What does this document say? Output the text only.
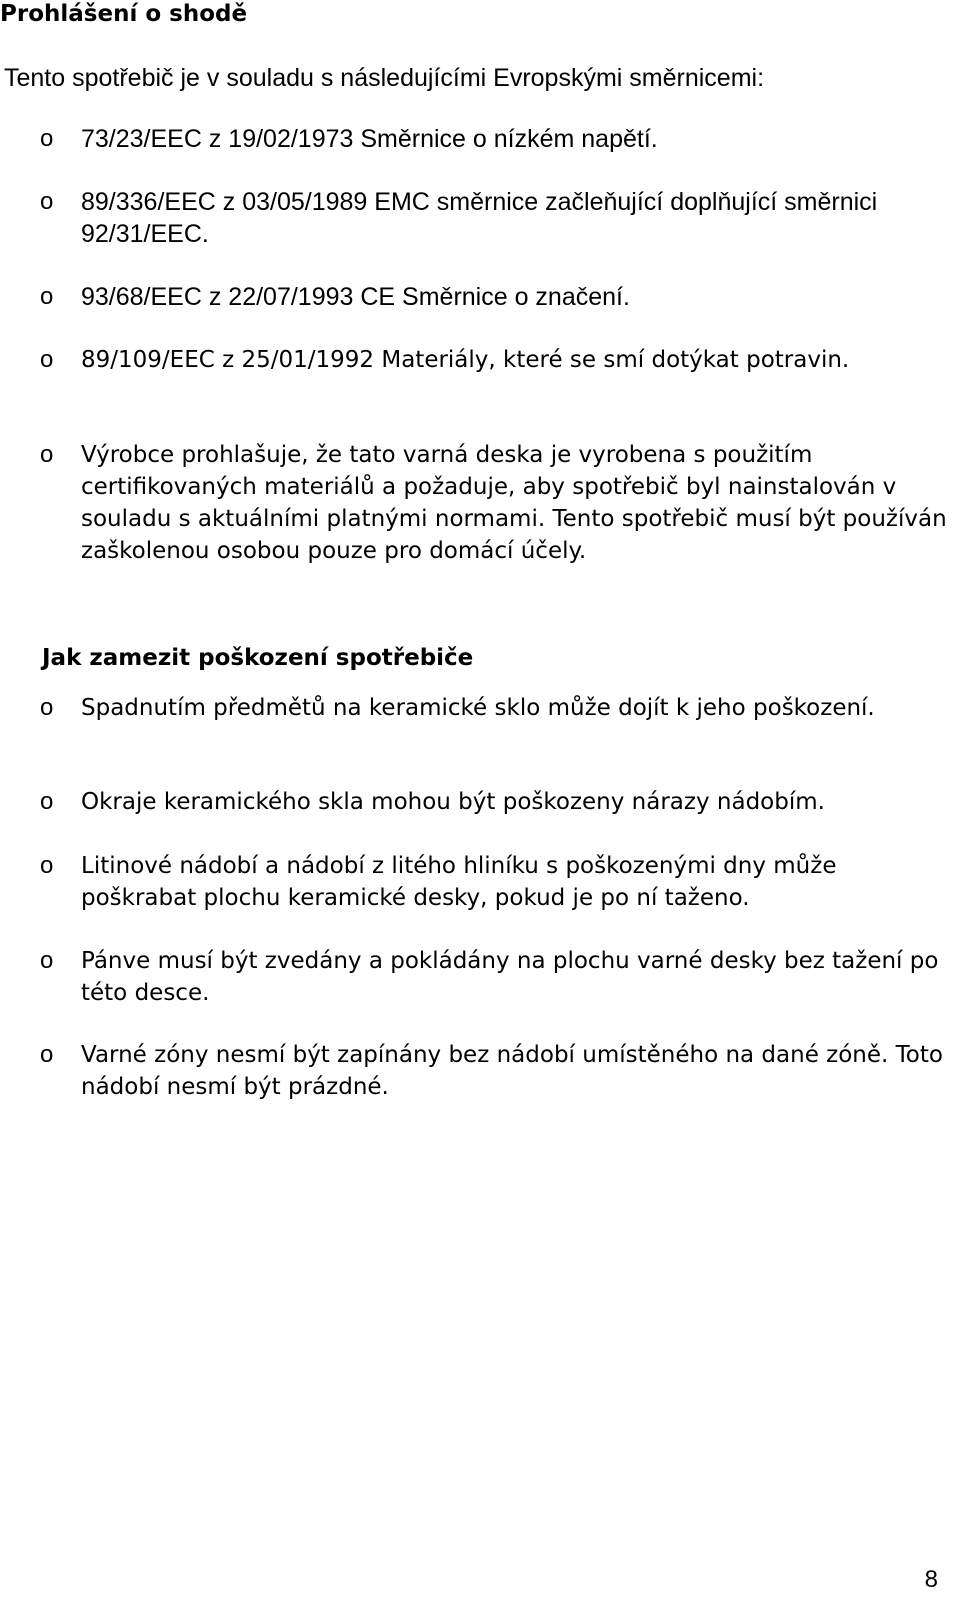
Prohlášení o shodě

Tento spotřebič je v souladu s následujícími Evropskými směrnicemi:

o 73/23/EEC z 19/02/1973 Směrnice o nízkém napětí.

o 89/336/EEC z 03/05/1989 EMC směrnice začleňující doplňující směrnici 92/31/EEC.

o 93/68/EEC z 22/07/1993 CE Směrnice o značení.

o 89/109/EEC z 25/01/1992 Materiály, které se smí dotýkat potravin.

o Výrobce prohlašuje, že tato varná deska je vyrobena s použitím certifikovaných materiálů a požaduje, aby spotřebič byl nainstalován v souladu s aktuálními platnými normami. Tento spotřebič musí být používán zaškolenou osobou pouze pro domácí účely.

Jak zamezit poškození spotřebiče
o Spadnutím předmětů na keramické sklo může dojít k jeho poškození.

o Okraje keramického skla mohou být poškozeny nárazy nádobím.

o Litinové nádobí a nádobí z litého hliníku s poškozenými dny může poškrabat plochu keramické desky, pokud je po ní taženo.

o Pánve musí být zvedány a pokládány na plochu varné desky bez tažení po této desce.

o Varné zóny nesmí být zapínány bez nádobí umístěného na dané zóně. Toto nádobí nesmí být prázdné.

8
